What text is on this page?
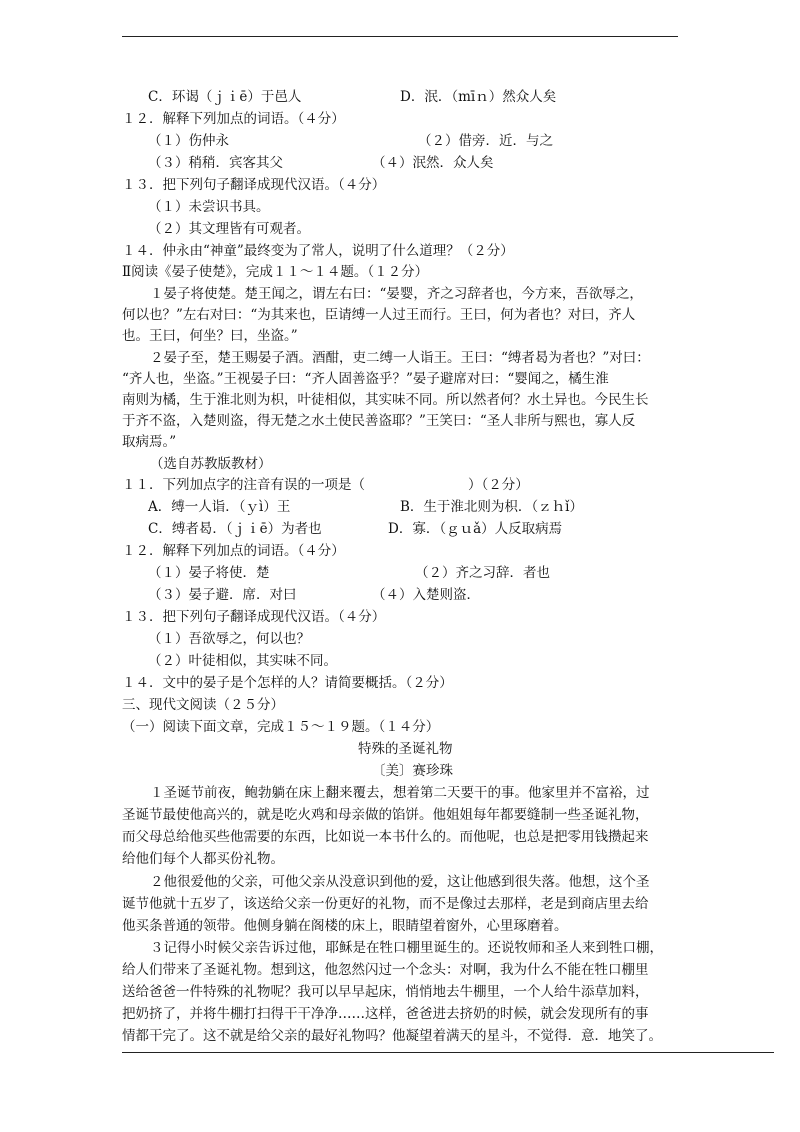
C．环谒（ｊｉē）于邑人	D．泯．（mīｎ）然众人矣
１２．解释下列加点的词语。（４分）
（１）伤仲永	（２）借旁．近．与之
（３）稍稍．宾客其父	（４）泯然．众人矣
１３．把下列句子翻译成现代汉语。（４分）
（１）未尝识书具。
（２）其文理皆有可观者。
１４．仲永由“神童”最终变为了常人，说明了什么道理？（２分）
Ⅱ阅读《晏子使楚》，完成１１～１４题。（１２分）
１晏子将使楚。楚王闻之，谓左右曰：“晏婴，齐之习辞者也，今方来，吾欲辱之，
何以也？”左右对曰：“为其来也，臣请缚一人过王而行。王曰，何为者也？对曰，齐人
也。王曰，何坐？曰，坐盗。”
２晏子至，楚王赐晏子酒。酒酣，吏二缚一人诣王。王曰：“缚者曷为者也？”对曰：
“齐人也，坐盗。”王视晏子曰：“齐人固善盗乎？”晏子避席对曰：“婴闻之，橘生淮
南则为橘，生于淮北则为枳，叶徒相似，其实味不同。所以然者何？水土异也。今民生长
于齐不盗，入楚则盗，得无楚之水土使民善盗耶？”王笑曰：“圣人非所与熙也，寡人反
取病焉。”
（选自苏教版教材）
１１．下列加点字的注音有误的一项是（	）（２分）
A．缚一人诣．（ｙì）王	B．生于淮北则为枳．（ｚｈǐ）
C．缚者曷．（ｊｉē）为者也	D．寡．（ｇｕǎ）人反取病焉
１２．解释下列加点的词语。（４分）
（１）晏子将使．楚	（２）齐之习辞．者也
（３）晏子避．席．对曰	（４）入楚则盗．
１３．把下列句子翻译成现代汉语。（４分）
（１）吾欲辱之，何以也？
（２）叶徒相似，其实味不同。
１４．文中的晏子是个怎样的人？请简要概括。（２分）
三、现代文阅读（２５分）
（一）阅读下面文章，完成１５～１９题。（１４分）
特殊的圣诞礼物
〔美〕赛珍珠
１圣诞节前夜，鲍勃躺在床上翻来覆去，想着第二天要干的事。他家里并不富裕，过
圣诞节最使他高兴的，就是吃火鸡和母亲做的馅饼。他姐姐每年都要缝制一些圣诞礼物，
而父母总给他买些他需要的东西，比如说一本书什么的。而他呢，也总是把零用钱攒起来
给他们每个人都买份礼物。
２他很爱他的父亲，可他父亲从没意识到他的爱，这让他感到很失落。他想，这个圣
诞节他就十五岁了，该送给父亲一份更好的礼物，而不是像过去那样，老是到商店里去给
他买条普通的领带。他侧身躺在阁楼的床上，眼睛望着窗外，心里琢磨着。
３记得小时候父亲告诉过他，耶稣是在牲口棚里诞生的。还说牧师和圣人来到牲口棚，
给人们带来了圣诞礼物。想到这，他忽然闪过一个念头：对啊，我为什么不能在牲口棚里
送给爸爸一件特殊的礼物呢？我可以早早起床，悄悄地去牛棚里，一个人给牛添草加料，
把奶挤了，并将牛棚打扫得干干净净……这样，爸爸进去挤奶的时候，就会发现所有的事
情都干完了。这不就是给父亲的最好礼物吗？他凝望着满天的星斗，不觉得．意．地笑了。
